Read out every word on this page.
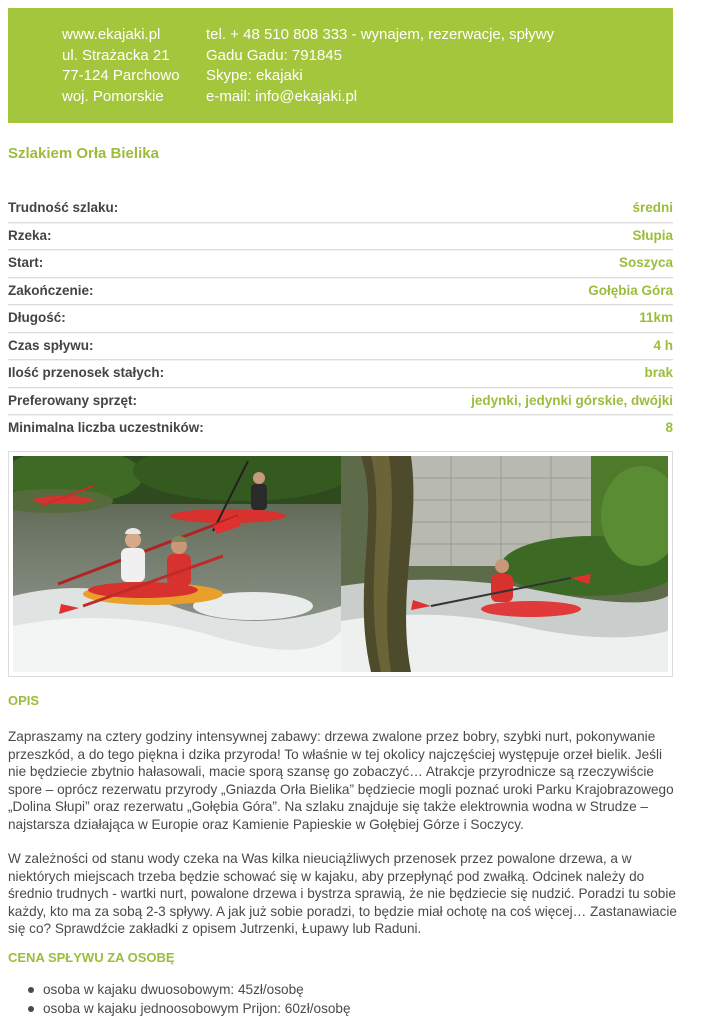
www.ekajaki.pl
ul. Strażacka 21
77-124 Parchowo
woj. Pomorskie
tel. + 48 510 808 333 - wynajem, rezerwacje, spływy
Gadu Gadu: 791845
Skype: ekajaki
e-mail: info@ekajaki.pl
Szlakiem Orła Bielika
Trudność szlaku:	średni
Rzeka:	Słupia
Start:	Soszyca
Zakończenie:	Gołębia Góra
Długość:	11km
Czas spływu:	4 h
Ilość przenosek stałych:	brak
Preferowany sprzęt:	jedynki, jedynki górskie, dwójki
Minimalna liczba uczestników:	8
OPIS
Zapraszamy na cztery godziny intensywnej zabawy: drzewa zwalone przez bobry, szybki nurt, pokonywanie przeszkód, a do tego piękna i dzika przyroda! To właśnie w tej okolicy najczęściej występuje orzeł bielik. Jeśli nie będziecie zbytnio hałasowali, macie sporą szansę go zobaczyć… Atrakcje przyrodnicze są rzeczywiście spore – oprócz rezerwatu przyrody „Gniazda Orła Bielika” będziecie mogli poznać uroki Parku Krajobrazowego „Dolina Słupi” oraz rezerwatu „Gołębia Góra”. Na szlaku znajduje się także elektrownia wodna w Strudze – najstarsza działająca w Europie oraz Kamienie Papieskie w Gołębiej Górze i Soczycy.
W zależności od stanu wody czeka na Was kilka nieuciążliwych przenosek przez powalone drzewa, a w niektórych miejscach trzeba będzie schować się w kajaku, aby przepłynąć pod zwałką. Odcinek należy do średnio trudnych - wartki nurt, powalone drzewa i bystrza sprawią, że nie będziecie się nudzić. Poradzi tu sobie każdy, kto ma za sobą 2-3 spływy. A jak już sobie poradzi, to będzie miał ochotę na coś więcej… Zastanawiacie się co? Sprawdźcie zakładki z opisem Jutrzenki, Łupawy lub Raduni.
CENA SPŁYWU ZA OSOBĘ
osoba w kajaku dwuosobowym: 45zł/osobę
osoba w kajaku jednoosobowym Prijon: 60zł/osobę
